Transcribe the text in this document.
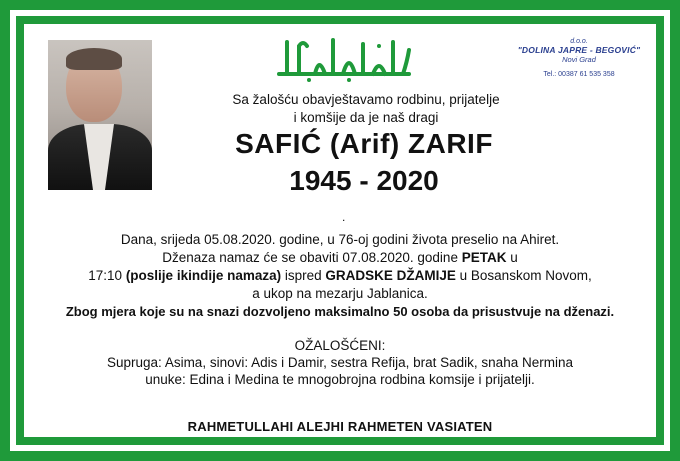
d.o.o.
"DOLINA JAPRE - BEGOVIĆ"
Novi Grad
Tel.: 00387 61 535 358
Sa žalošću obavještavamo rodbinu, prijatelje
i komšije da je naš dragi
SAFIĆ (Arif) ZARIF
1945 - 2020
.
Dana, srijeda 05.08.2020. godine, u 76-oj godini života preselio na Ahiret.
Dženaza namaz će se obaviti 07.08.2020. godine PETAK u
17:10 (poslije ikindije namaza) ispred GRADSKE DŽAMIJE u Bosanskom Novom,
a ukop na mezarju Jablanica.
Zbog mjera koje su na snazi dozvoljeno maksimalno 50 osoba da prisustvuje na dženazi.
OŽALOŠĆENI:
Supruga: Asima, sinovi: Adis i Damir, sestra Refija, brat Sadik, snaha Nermina
unuke: Edina i Medina te mnogobrojna rodbina komsije i prijatelji.
RAHMETULLAHI ALEJHI RAHMETEN VASIATEN
